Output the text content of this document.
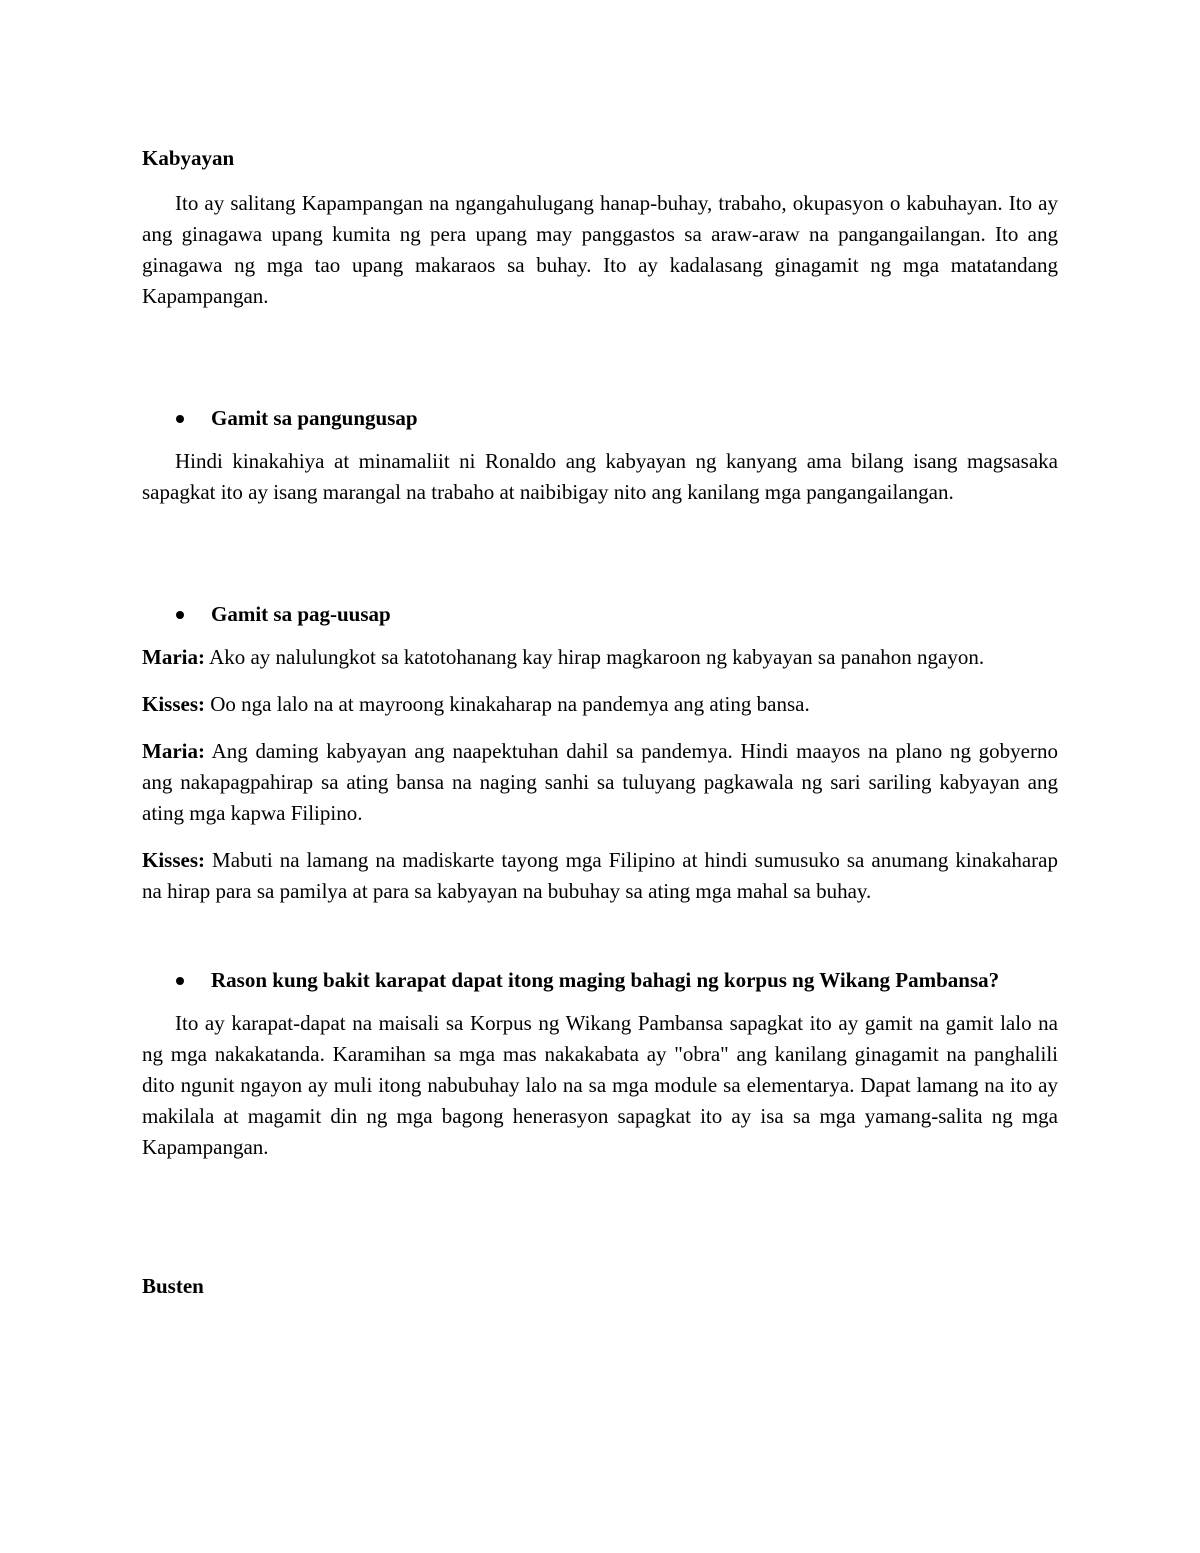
Kabyayan

Ito ay salitang Kapampangan na ngangahulugang hanap-buhay, trabaho, okupasyon o kabuhayan. Ito ay ang ginagawa upang kumita ng pera upang may panggastos sa araw-araw na pangangailangan. Ito ang ginagawa ng mga tao upang makaraos sa buhay. Ito ay kadalasang ginagamit ng mga matatandang Kapampangan.

Gamit sa pangungusap

Hindi kinakahiya at minamaliit ni Ronaldo ang kabyayan ng kanyang ama bilang isang magsasaka sapagkat ito ay isang marangal na trabaho at naibibigay nito ang kanilang mga pangangailangan.

Gamit sa pag-uusap

Maria: Ako ay nalulungkot sa katotohanang kay hirap magkaroon ng kabyayan sa panahon ngayon.

Kisses: Oo nga lalo na at mayroong kinakaharap na pandemya ang ating bansa.

Maria: Ang daming kabyayan ang naapektuhan dahil sa pandemya. Hindi maayos na plano ng gobyerno ang nakapagpahirap sa ating bansa na naging sanhi sa tuluyang pagkawala ng sari sariling kabyayan ang ating mga kapwa Filipino.

Kisses: Mabuti na lamang na madiskarte tayong mga Filipino at hindi sumusuko sa anumang kinakaharap na hirap para sa pamilya at para sa kabyayan na bubuhay sa ating mga mahal sa buhay.

Rason kung bakit karapat dapat itong maging bahagi ng korpus ng Wikang Pambansa?

Ito ay karapat-dapat na maisali sa Korpus ng Wikang Pambansa sapagkat ito ay gamit na gamit lalo na ng mga nakakatanda. Karamihan sa mga mas nakakabata ay "obra" ang kanilang ginagamit na panghalili dito ngunit ngayon ay muli itong nabubuhay lalo na sa mga module sa elementarya. Dapat lamang na ito ay makilala at magamit din ng mga bagong henerasyon sapagkat ito ay isa sa mga yamang-salita ng mga Kapampangan.

Busten
